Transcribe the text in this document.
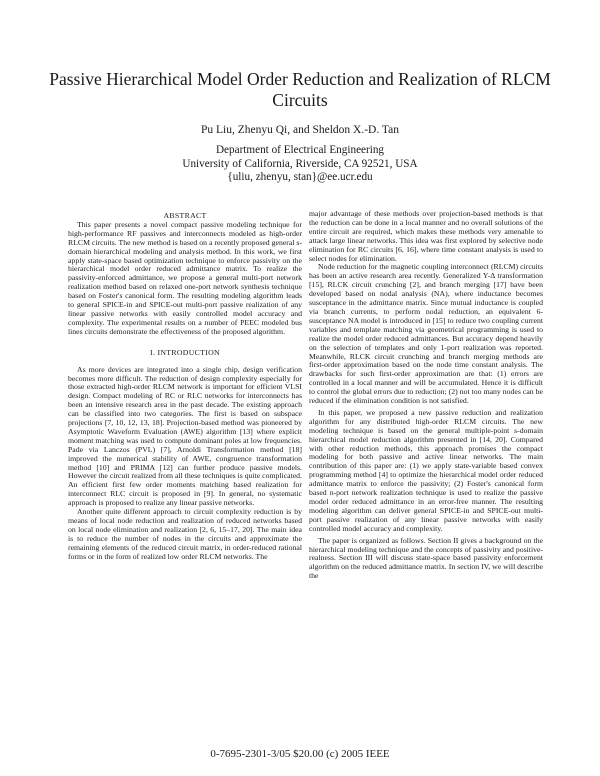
Passive Hierarchical Model Order Reduction and Realization of RLCM Circuits
Pu Liu, Zhenyu Qi, and Sheldon X.-D. Tan
Department of Electrical Engineering
University of California, Riverside, CA 92521, USA
{uliu, zhenyu, stan}@ee.ucr.edu

ABSTRACT

This paper presents a novel compact passive modeling technique for high-performance RF passives and interconnects modeled as high-order RLCM circuits. The new method is based on a recently proposed general s-domain hierarchical modeling and analysis method. In this work, we first apply state-space based optimization technique to enforce passivity on the hierarchical model order reduced admittance matrix. To realize the passivity-enforced admittance, we propose a general multi-port network realization method based on relaxed one-port network synthesis technique based on Foster's canonical form. The resulting modeling algorithm leads to general SPICE-in and SPICE-out multi-port passive realization of any linear passive networks with easily controlled model accuracy and complexity. The experimental results on a number of PEEC modeled bus lines circuits demonstrate the effectiveness of the proposed algorithm.

I. INTRODUCTION

As more devices are integrated into a single chip, design verification becomes more difficult. The reduction of design complexity especially for those extracted high-order RLCM network is important for efficient VLSI design. Compact modeling of RC or RLC networks for interconnects has been an intensive research area in the past decade. The existing approach can be classified into two categories. The first is based on subspace projections [7, 10, 12, 13, 18]. Projection-based method was pioneered by Asymptotic Waveform Evaluation (AWE) algorithm [13] where explicit moment matching was used to compute dominant poles at low frequencies. Pade via Lanczos (PVL) [7], Arnoldi Transformation method [18] improved the numerical stability of AWE, congruence transformation method [10] and PRIMA [12] can further produce passive models. However the circuit realized from all these techniques is quite complicated. An efficient first few order moments matching based realization for interconnect RLC circuit is proposed in [9]. In general, no systematic approach is proposed to realize any linear passive networks.

Another quite different approach to circuit complexity reduction is by means of local node reduction and realization of reduced networks based on local node elimination and realization [2, 6, 15–17, 20]. The main idea is to reduce the number of nodes in the circuits and approximate the remaining elements of the reduced circuit matrix, in order-reduced rational forms or in the form of realized low order RLCM networks. The

major advantage of these methods over projection-based methods is that the reduction can be done in a local manner and no overall solutions of the entire circuit are required, which makes these methods very amenable to attack large linear networks. This idea was first explored by selective node elimination for RC circuits [6, 16], where time constant analysis is used to select nodes for elimination.

Node reduction for the magnetic coupling interconnect (RLCM) circuits has been an active research area recently. Generalized Y-Δ transformation [15], RLCK circuit crunching [2], and branch merging [17] have been developed based on nodal analysis (NA), where inductance becomes susceptance in the admittance matrix. Since mutual inductance is coupled via branch currents, to perform nodal reduction, an equivalent 6-susceptance NA model is introduced in [15] to reduce two coupling current variables and template matching via geometrical programming is used to realize the model order reduced admittances. But accuracy depend heavily on the selection of templates and only 1-port realization was reported. Meanwhile, RLCK circuit crunching and branch merging methods are first-order approximation based on the node time constant analysis. The drawbacks for such first-order approximation are that: (1) errors are controlled in a local manner and will be accumulated. Hence it is difficult to control the global errors due to reduction; (2) not too many nodes can be reduced if the elimination condition is not satisfied.

In this paper, we proposed a new passive reduction and realization algorithm for any distributed high-order RLCM circuits. The new modeling technique is based on the general multiple-point s-domain hierarchical model reduction algorithm presented in [14, 20]. Compared with other reduction methods, this approach promises the compact modeling for both passive and active linear networks. The main contribution of this paper are: (1) we apply state-variable based convex programming method [4] to optimize the hierarchical model order reduced admittance matrix to enforce the passivity; (2) Foster's canonical form based n-port network realization technique is used to realize the passive model order reduced admittance in an error-free manner. The resulting modeling algorithm can deliver general SPICE-in and SPICE-out multi-port passive realization of any linear passive networks with easily controlled model accuracy and complexity.

The paper is organized as follows. Section II gives a background on the hierarchical modeling technique and the concepts of passivity and positive-realness. Section III will discuss state-space based passivity enforcement algorithm on the reduced admittance matrix. In section IV, we will describe the

0-7695-2301-3/05 $20.00 (c) 2005 IEEE
